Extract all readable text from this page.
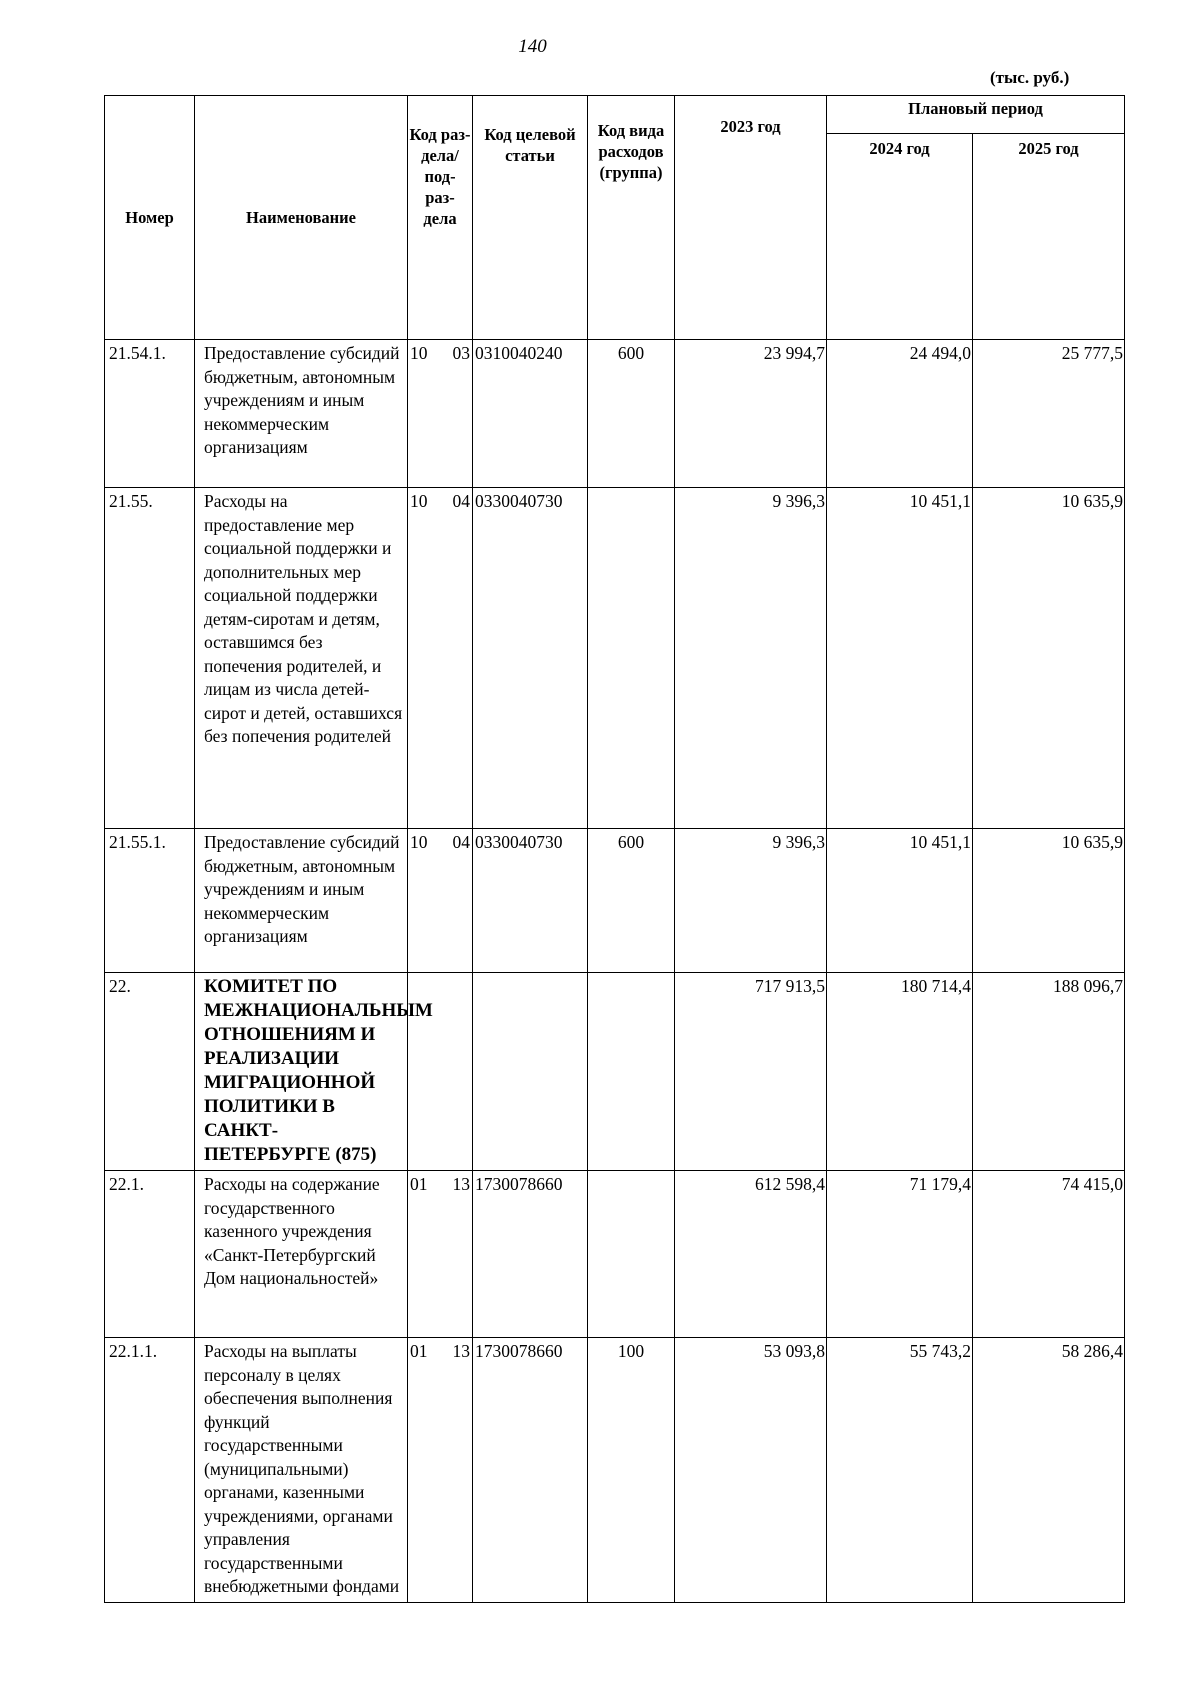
140
(тыс. руб.)
Номер	Наименование	Код раз- дела/ под- раз- дела	Код целевой статьи	Код вида расходов (группа)	2023 год	Плановый период	
						2024 год	2025 год
21.54.1.	Предоставление субсидий бюджетным, автономным учреждениям и иным некоммерческим организациям	10 03	0310040240	600	23 994,7	24 494,0	25 777,5
21.55.	Расходы на предоставление мер социальной поддержки и дополнительных мер социальной поддержки детям-сиротам и детям, оставшимся без попечения родителей, и лицам из числа детей-сирот и детей, оставшихся без попечения родителей	10 04	0330040730		9 396,3	10 451,1	10 635,9
21.55.1.	Предоставление субсидий бюджетным, автономным учреждениям и иным некоммерческим организациям	10 04	0330040730	600	9 396,3	10 451,1	10 635,9
22.	КОМИТЕТ ПО МЕЖНАЦИОНАЛЬНЫМ ОТНОШЕНИЯМ И РЕАЛИЗАЦИИ МИГРАЦИОННОЙ ПОЛИТИКИ В САНКТ-ПЕТЕРБУРГЕ (875)				717 913,5	180 714,4	188 096,7
22.1.	Расходы на содержание государственного казенного учреждения «Санкт-Петербургский Дом национальностей»	01 13	1730078660		612 598,4	71 179,4	74 415,0
22.1.1.	Расходы на выплаты персоналу в целях обеспечения выполнения функций государственными (муниципальными) органами, казенными учреждениями, органами управления государственными внебюджетными фондами	01 13	1730078660	100	53 093,8	55 743,2	58 286,4
